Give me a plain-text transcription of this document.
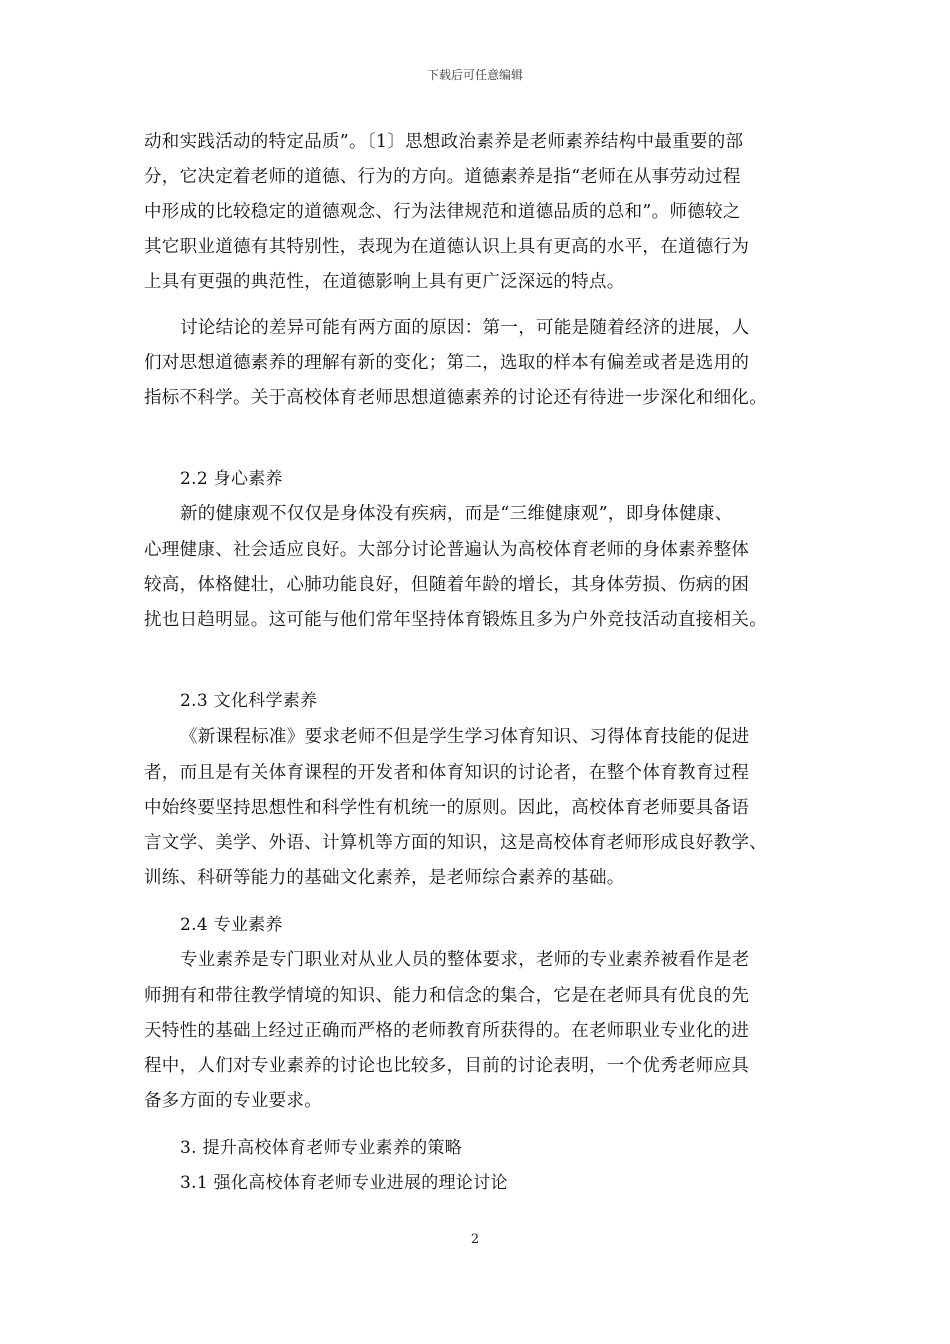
下载后可任意编辑
动和实践活动的特定品质”。〔1〕思想政治素养是老师素养结构中最重要的部
分，它决定着老师的道德、行为的方向。道德素养是指“老师在从事劳动过程
中形成的比较稳定的道德观念、行为法律规范和道德品质的总和”。师德较之
其它职业道德有其特别性，表现为在道德认识上具有更高的水平，在道德行为
上具有更强的典范性，在道德影响上具有更广泛深远的特点。
讨论结论的差异可能有两方面的原因：第一，可能是随着经济的进展，人
们对思想道德素养的理解有新的变化；第二，选取的样本有偏差或者是选用的
指标不科学。关于高校体育老师思想道德素养的讨论还有待进一步深化和细化。
2.2 身心素养
新的健康观不仅仅是身体没有疾病，而是“三维健康观”，即身体健康、
心理健康、社会适应良好。大部分讨论普遍认为高校体育老师的身体素养整体
较高，体格健壮，心肺功能良好，但随着年龄的增长，其身体劳损、伤病的困
扰也日趋明显。这可能与他们常年坚持体育锻炼且多为户外竞技活动直接相关。
2.3 文化科学素养
《新课程标准》要求老师不但是学生学习体育知识、习得体育技能的促进
者，而且是有关体育课程的开发者和体育知识的讨论者，在整个体育教育过程
中始终要坚持思想性和科学性有机统一的原则。因此，高校体育老师要具备语
言文学、美学、外语、计算机等方面的知识，这是高校体育老师形成良好教学、
训练、科研等能力的基础文化素养，是老师综合素养的基础。
2.4 专业素养
专业素养是专门职业对从业人员的整体要求，老师的专业素养被看作是老
师拥有和带往教学情境的知识、能力和信念的集合，它是在老师具有优良的先
天特性的基础上经过正确而严格的老师教育所获得的。在老师职业专业化的进
程中，人们对专业素养的讨论也比较多，目前的讨论表明，一个优秀老师应具
备多方面的专业要求。
3. 提升高校体育老师专业素养的策略
3.1 强化高校体育老师专业进展的理论讨论
2
